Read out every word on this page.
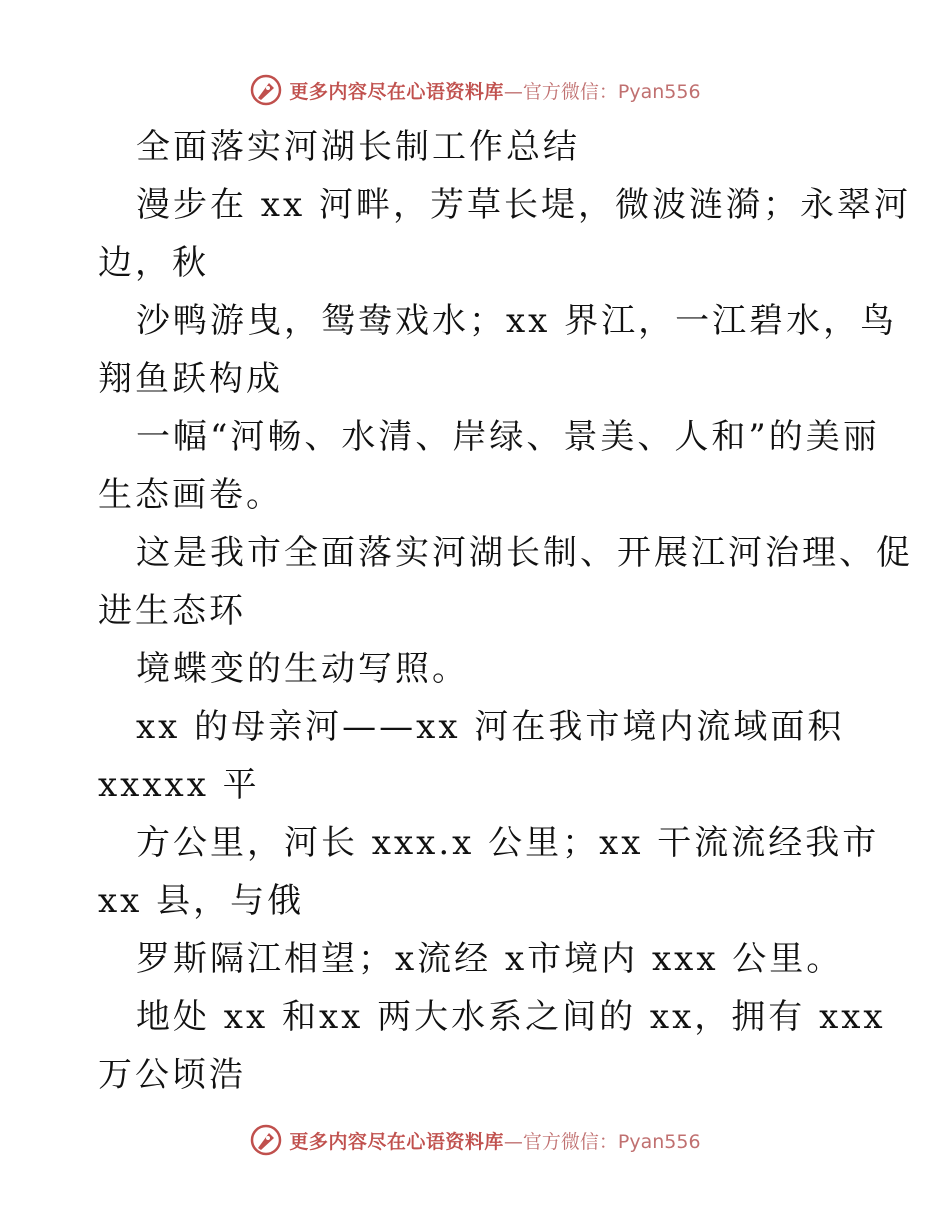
更多内容尽在心语资料库 —官方微信：Pyan556
全面落实河湖长制工作总结
漫步在 xx 河畔，芳草长堤，微波涟漪；永翠河
边，秋
沙鸭游曳，鸳鸯戏水；xx 界江，一江碧水，鸟
翔鱼跃构成
一幅“河畅、水清、岸绿、景美、人和”的美丽
生态画卷。
这是我市全面落实河湖长制、开展江河治理、促
进生态环
境蝶变的生动写照。
xx 的母亲河——xx 河在我市境内流域面积
xxxxx 平
方公里，河长 xxx.x 公里；xx 干流流经我市
xx 县，与俄
罗斯隔江相望；x流经 x市境内 xxx 公里。
地处 xx 和xx 两大水系之间的 xx，拥有 xxx
万公顷浩
更多内容尽在心语资料库 —官方微信：Pyan556
